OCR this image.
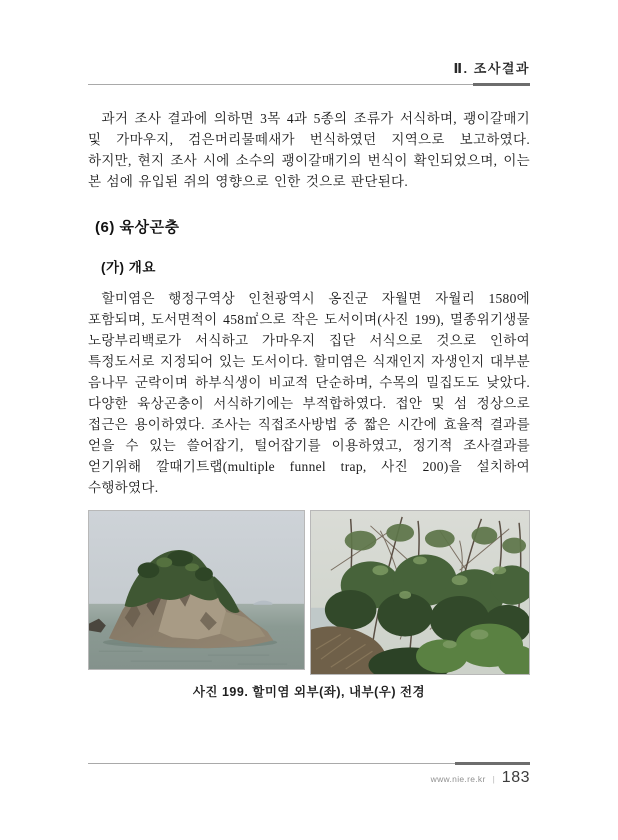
Ⅱ. 조사결과

과거 조사 결과에 의하면 3목 4과 5종의 조류가 서식하며, 괭이갈매기 및 가마우지, 검은머리물떼새가 번식하였던 지역으로 보고하였다. 하지만, 현지 조사 시에 소수의 괭이갈매기의 번식이 확인되었으며, 이는 본 섬에 유입된 쥐의 영향으로 인한 것으로 판단된다.

(6) 육상곤충
(가) 개요

할미염은 행정구역상 인천광역시 옹진군 자월면 자월리 1580에 포함되며, 도서면적이 458㎡으로 작은 도서이며(사진 199), 멸종위기생물 노랑부리백로가 서식하고 가마우지 집단 서식으로 것으로 인하여 특정도서로 지정되어 있는 도서이다. 할미염은 식재인지 자생인지 대부분 음나무 군락이며 하부식생이 비교적 단순하며, 수목의 밀집도도 낮았다. 다양한 육상곤충이 서식하기에는 부적합하였다. 접안 및 섬 정상으로 접근은 용이하였다. 조사는 직접조사방법 중 짧은 시간에 효율적 결과를 얻을 수 있는 쓸어잡기, 털어잡기를 이용하였고, 정기적 조사결과를 얻기위해 깔때기트랩(multiple funnel trap, 사진 200)을 설치하여 수행하였다.

사진 199. 할미염 외부(좌), 내부(우) 전경
www.nie.re.kr | 183
